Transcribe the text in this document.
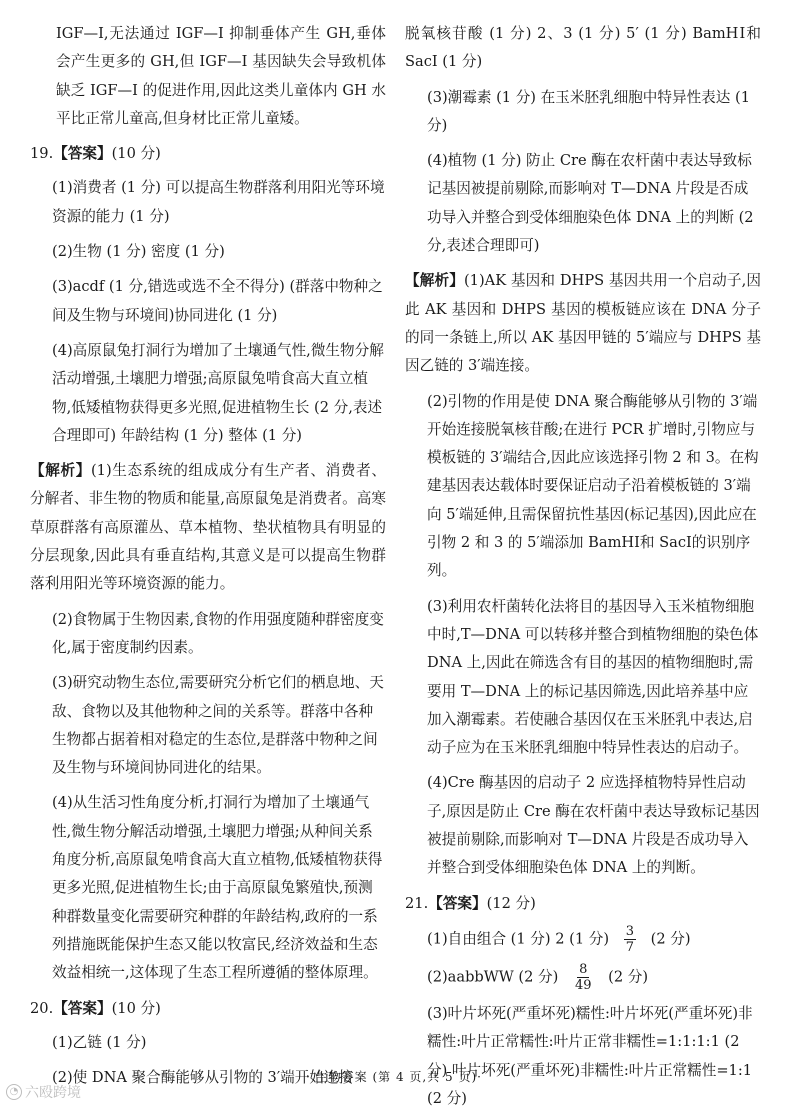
IGF—I,无法通过 IGF—I 抑制垂体产生 GH,垂体会产生更多的 GH,但 IGF—I 基因缺失会导致机体缺乏 IGF—I 的促进作用,因此这类儿童体内 GH 水平比正常儿童高,但身材比正常儿童矮。

19.【答案】(10 分)

(1)消费者 (1 分) 可以提高生物群落利用阳光等环境资源的能力 (1 分)

(2)生物 (1 分) 密度 (1 分)

(3)acdf (1 分,错选或选不全不得分) (群落中物种之间及生物与环境间)协同进化 (1 分)

(4)高原鼠兔打洞行为增加了土壤通气性,微生物分解活动增强,土壤肥力增强;高原鼠兔啃食高大直立植物,低矮植物获得更多光照,促进植物生长 (2 分,表述合理即可) 年龄结构 (1 分) 整体 (1 分)

【解析】(1)生态系统的组成成分有生产者、消费者、分解者、非生物的物质和能量,高原鼠兔是消费者。高寒草原群落有高原灌丛、草本植物、垫状植物具有明显的分层现象,因此具有垂直结构,其意义是可以提高生物群落利用阳光等环境资源的能力。

(2)食物属于生物因素,食物的作用强度随种群密度变化,属于密度制约因素。

(3)研究动物生态位,需要研究分析它们的栖息地、天敌、食物以及其他物种之间的关系等。群落中各种生物都占据着相对稳定的生态位,是群落中物种之间及生物与环境间协同进化的结果。

(4)从生活习性角度分析,打洞行为增加了土壤通气性,微生物分解活动增强,土壤肥力增强;从种间关系角度分析,高原鼠兔啃食高大直立植物,低矮植物获得更多光照,促进植物生长;由于高原鼠兔繁殖快,预测种群数量变化需要研究种群的年龄结构,政府的一系列措施既能保护生态又能以牧富民,经济效益和生态效益相统一,这体现了生态工程所遵循的整体原理。

20.【答案】(10 分)

(1)乙链 (1 分)

(2)使 DNA 聚合酶能够从引物的 3′端开始连接

脱氧核苷酸 (1 分) 2、3 (1 分) 5′ (1 分) BamHⅠ和 SacⅠ (1 分)

(3)潮霉素 (1 分) 在玉米胚乳细胞中特异性表达 (1 分)

(4)植物 (1 分) 防止 Cre 酶在农杆菌中表达导致标记基因被提前剔除,而影响对 T—DNA 片段是否成功导入并整合到受体细胞染色体 DNA 上的判断 (2 分,表述合理即可)

【解析】(1)AK 基因和 DHPS 基因共用一个启动子,因此 AK 基因和 DHPS 基因的模板链应该在 DNA 分子的同一条链上,所以 AK 基因甲链的 5′端应与 DHPS 基因乙链的 3′端连接。

(2)引物的作用是使 DNA 聚合酶能够从引物的 3′端开始连接脱氧核苷酸;在进行 PCR 扩增时,引物应与模板链的 3′端结合,因此应该选择引物 2 和 3。在构建基因表达载体时要保证启动子沿着模板链的 3′端向 5′端延伸,且需保留抗性基因(标记基因),因此应在引物 2 和 3 的 5′端添加 BamHⅠ和 SacⅠ的识别序列。

(3)利用农杆菌转化法将目的基因导入玉米植物细胞中时,T—DNA 可以转移并整合到植物细胞的染色体 DNA 上,因此在筛选含有目的基因的植物细胞时,需要用 T—DNA 上的标记基因筛选,因此培养基中应加入潮霉素。若使融合基因仅在玉米胚乳中表达,启动子应为在玉米胚乳细胞中特异性表达的启动子。

(4)Cre 酶基因的启动子 2 应选择植物特异性启动子,原因是防止 Cre 酶在农杆菌中表达导致标记基因被提前剔除,而影响对 T—DNA 片段是否成功导入并整合到受体细胞染色体 DNA 上的判断。

21.【答案】(12 分)

(1)自由组合 (1 分) 2 (1 分) $\frac{3}{7} (2$ 分)

(2)aabbWW (2 分) $\frac{8}{49} (2$ 分)

(3)叶片坏死(严重坏死)糯性:叶片坏死(严重坏死)非糯性:叶片正常糯性:叶片正常非糯性=1:1:1:1 (2 分) 叶片坏死(严重坏死)非糯性:叶片正常糯性=1:1 (2 分)

· 生物答案 (第 4 页,共 5 页)·
◔ 六殴跨境
